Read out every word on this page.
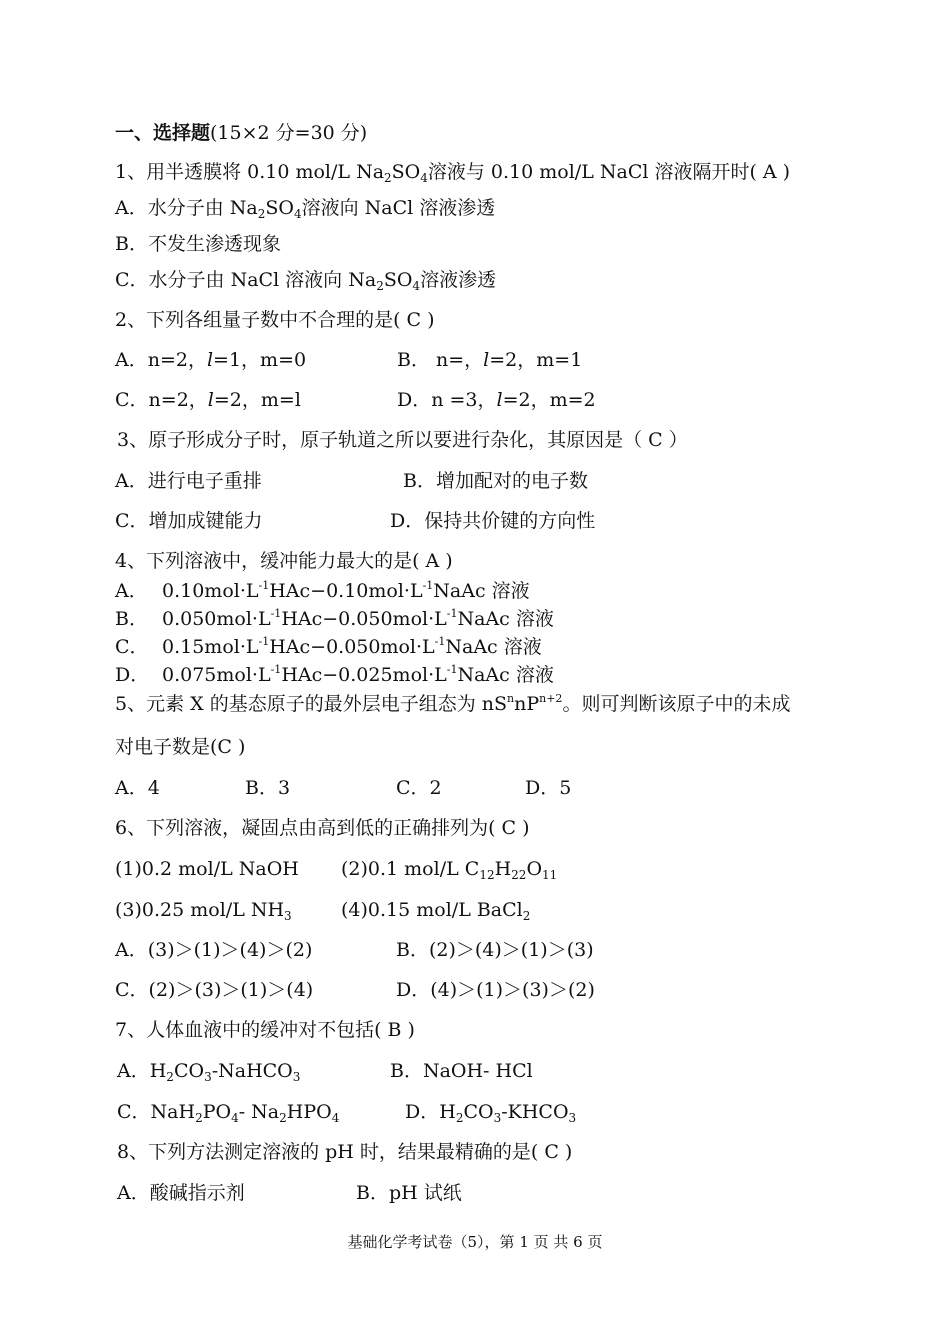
一、选择题(15×2 分=30 分)
1、用半透膜将 0.10 mol/L $Na_2SO_4$溶液与 0.10 mol/L NaCl 溶液隔开时( A )
A．水分子由 $Na_2SO_4$溶液向 NaCl 溶液渗透
B．不发生渗透现象
C．水分子由 NaCl 溶液向 $Na_2SO_4$溶液渗透
2、下列各组量子数中不合理的是( C )
A．n=2，l=1，m=0	B． n=，l=2，m=1
C．n=2，l=2，m=l	D．n =3，l=2，m=2
3、原子形成分子时，原子轨道之所以要进行杂化，其原因是（ C ）
A．进行电子重排	B．增加配对的电子数
C．增加成键能力	D．保持共价键的方向性
4、下列溶液中，缓冲能力最大的是( A )
A． $0.10mol\cdot L^{-1}HAc-0.10mol\cdot L^{-1}NaAc$ 溶液
B． $0.050mol\cdot L^{-1}HAc-0.050mol\cdot L^{-1}NaAc$ 溶液
C． $0.15mol\cdot L^{-1}HAc-0.050mol\cdot L^{-1}NaAc$ 溶液
D． $0.075mol\cdot L^{-1}HAc-0.025mol\cdot L^{-1}NaAc$ 溶液
5、元素 X 的基态原子的最外层电子组态为 $nS^nnP^{n+2}$。则可判断该原子中的未成
对电子数是(C )
A．4	B．3	C．2	D．5
6、下列溶液，凝固点由高到低的正确排列为( C )
(1)0.2 mol/L NaOH (2)0.1 mol/L $C_{12}H_{22}O_{11}$
(3)0.25 mol/L $NH_3$	(4)0.15 mol/L BaCl$_2$
A．(3)＞(1)＞(4)＞(2)	B．(2)＞(4)＞(1)＞(3)
C．(2)＞(3)＞(1)＞(4)	D．(4)＞(1)＞(3)＞(2)
7、人体血液中的缓冲对不包括( B )
A．$H_2CO_3-NaHCO_3$	B．NaOH- HCl
C．$NaH_2PO_4-$ $Na_2HPO_4$	D．$H_2CO_3-KHCO_3$
8、下列方法测定溶液的 pH 时，结果最精确的是( C )
A．酸碱指示剂	B．pH 试纸
基础化学考试卷（5），第 1 页 共 6 页
